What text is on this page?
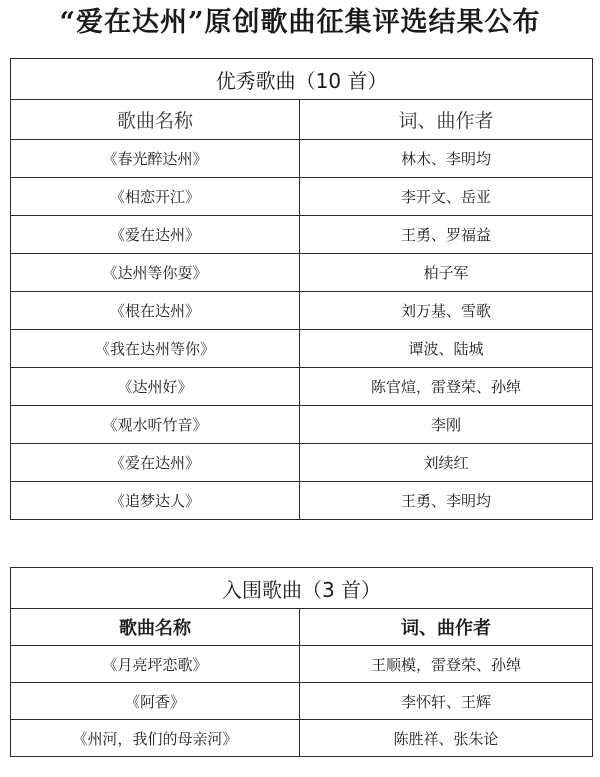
“爱在达州”原创歌曲征集评选结果公布
优秀歌曲（10 首）	
歌曲名称	词、曲作者
《春光醉达州》	林木、李明均
《相恋开江》	李开文、岳亚
《爱在达州》	王勇、罗福益
《达州等你耍》	柏子军
《根在达州》	刘万基、雪歌
《我在达州等你》	谭波、陆城
《达州好》	陈官煊，雷登荣、孙绰
《观水听竹音》	李刚
《爱在达州》	刘续红
《追梦达人》	王勇、李明均
入围歌曲（3 首）	
歌曲名称	词、曲作者
《月亮坪恋歌》	王顺模，雷登荣、孙绰
《阿香》	李怀轩、王辉
《州河，我们的母亲河》	陈胜祥、张朱论
